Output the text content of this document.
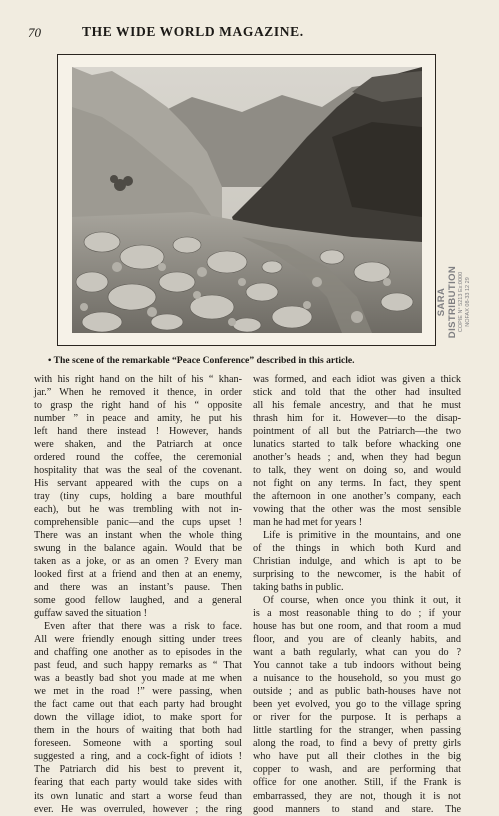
70	THE WIDE WORLD MAGAZINE.
SARA DISTRIBUTION COPIE N° 5213 Ex:0000 NOFAX 08-33 12 29
• The scene of the remarkable “Peace Conference” described in this article.
with his right hand on the hilt of his “ khan-
jar.” When he removed it thence, in order
to grasp the right hand of his “ opposite
number ” in peace and amity, he put his
left hand there instead ! However, hands
were shaken, and the Patriarch at once
ordered round the coffee, the ceremonial
hospitality that was the seal of the covenant.
His servant appeared with the cups on a
tray (tiny cups, holding a bare mouthful
each), but he was trembling with not in-
comprehensible panic—and the cups upset !
There was an instant when the whole thing
swung in the balance again. Would that be
taken as a joke, or as an omen ? Every man
looked first at a friend and then at an enemy,
and there was an instant’s pause. Then
some good fellow laughed, and a general
guffaw saved the situation !
Even after that there was a risk to face.
All were friendly enough sitting under trees
and chaffing one another as to episodes in the
past feud, and such happy remarks as “ That
was a beastly bad shot you made at me when
we met in the road !” were passing, when
the fact came out that each party had brought
down the village idiot, to make sport for
them in the hours of waiting that both had
foreseen. Someone with a sporting soul
suggested a ring, and a cock-fight of idiots !
The Patriarch did his best to prevent it,
fearing that each party would take sides with
its own lunatic and start a worse feud than
ever. He was overruled, however ; the ring
was formed, and each idiot was given a thick
stick and told that the other had insulted
all his female ancestry, and that he must
thrash him for it. However—to the disap-
pointment of all but the Patriarch—the two
lunatics started to talk before whacking one
another’s heads ; and, when they had begun
to talk, they went on doing so, and would
not fight on any terms. In fact, they spent
the afternoon in one another’s company, each
vowing that the other was the most sensible
man he had met for years !
Life is primitive in the mountains, and one
of the things in which both Kurd and
Christian indulge, and which is apt to be
surprising to the newcomer, is the habit of
taking baths in public.
Of course, when once you think it out, it
is a most reasonable thing to do ; if your
house has but one room, and that room a mud
floor, and you are of cleanly habits, and
want a bath regularly, what can you do ?
You cannot take a tub indoors without being
a nuisance to the household, so you must go
outside ; and as public bath-houses have not
been yet evolved, you go to the village spring
or river for the purpose. It is perhaps a
little startling for the stranger, when passing
along the road, to find a bevy of pretty girls
who have put all their clothes in the big
copper to wash, and are performing that
office for one another. Still, if the Frank is
embarrassed, they are not, though it is not
good manners to stand and stare. The
